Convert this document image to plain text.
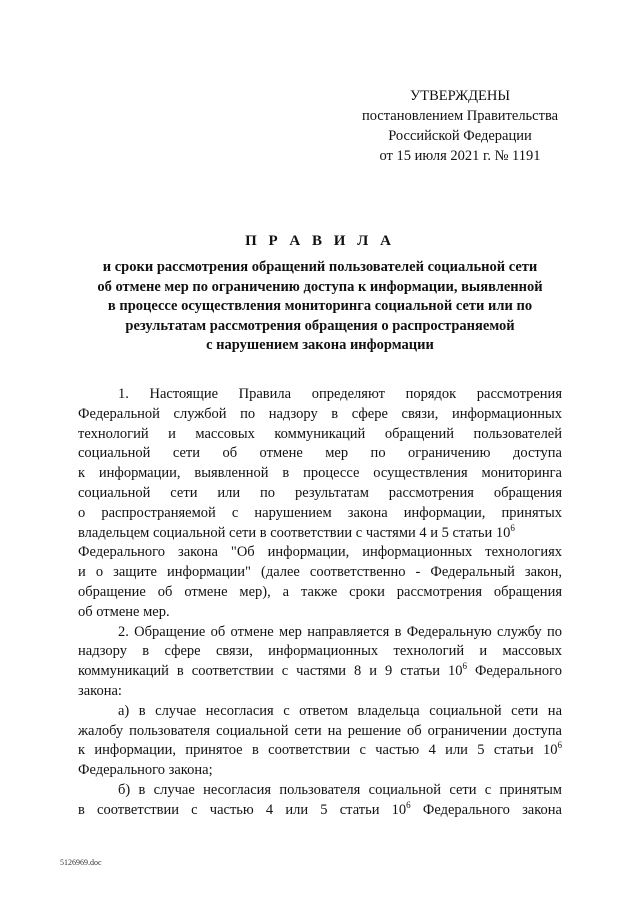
УТВЕРЖДЕНЫ
постановлением Правительства
Российской Федерации
от 15 июля 2021 г. № 1191
П Р А В И Л А
и сроки рассмотрения обращений пользователей социальной сети
об отмене мер по ограничению доступа к информации, выявленной
в процессе осуществления мониторинга социальной сети или по
результатам рассмотрения обращения о распространяемой
с нарушением закона информации
1. Настоящие Правила определяют порядок рассмотрения
Федеральной службой по надзору в сфере связи, информационных
технологий и массовых коммуникаций обращений пользователей
социальной сети об отмене мер по ограничению доступа
к информации, выявленной в процессе осуществления мониторинга
социальной сети или по результатам рассмотрения обращения
о распространяемой с нарушением закона информации, принятых
владельцем социальной сети в соответствии с частями 4 и 5 статьи $10^6$
Федерального закона "Об информации, информационных технологиях
и о защите информации" (далее соответственно - Федеральный закон,
обращение об отмене мер), а также сроки рассмотрения обращения
об отмене мер.
2. Обращение об отмене мер направляется в Федеральную службу по
надзору в сфере связи, информационных технологий и массовых
коммуникаций в соответствии с частями 8 и 9 статьи $10^6$ Федерального
закона:
а) в случае несогласия с ответом владельца социальной сети на
жалобу пользователя социальной сети на решение об ограничении доступа
к информации, принятое в соответствии с частью 4 или 5 статьи $10^6$
Федерального закона;
б) в случае несогласия пользователя социальной сети с принятым
в соответствии с частью 4 или 5 статьи $10^6$ Федерального закона
5126969.doc
